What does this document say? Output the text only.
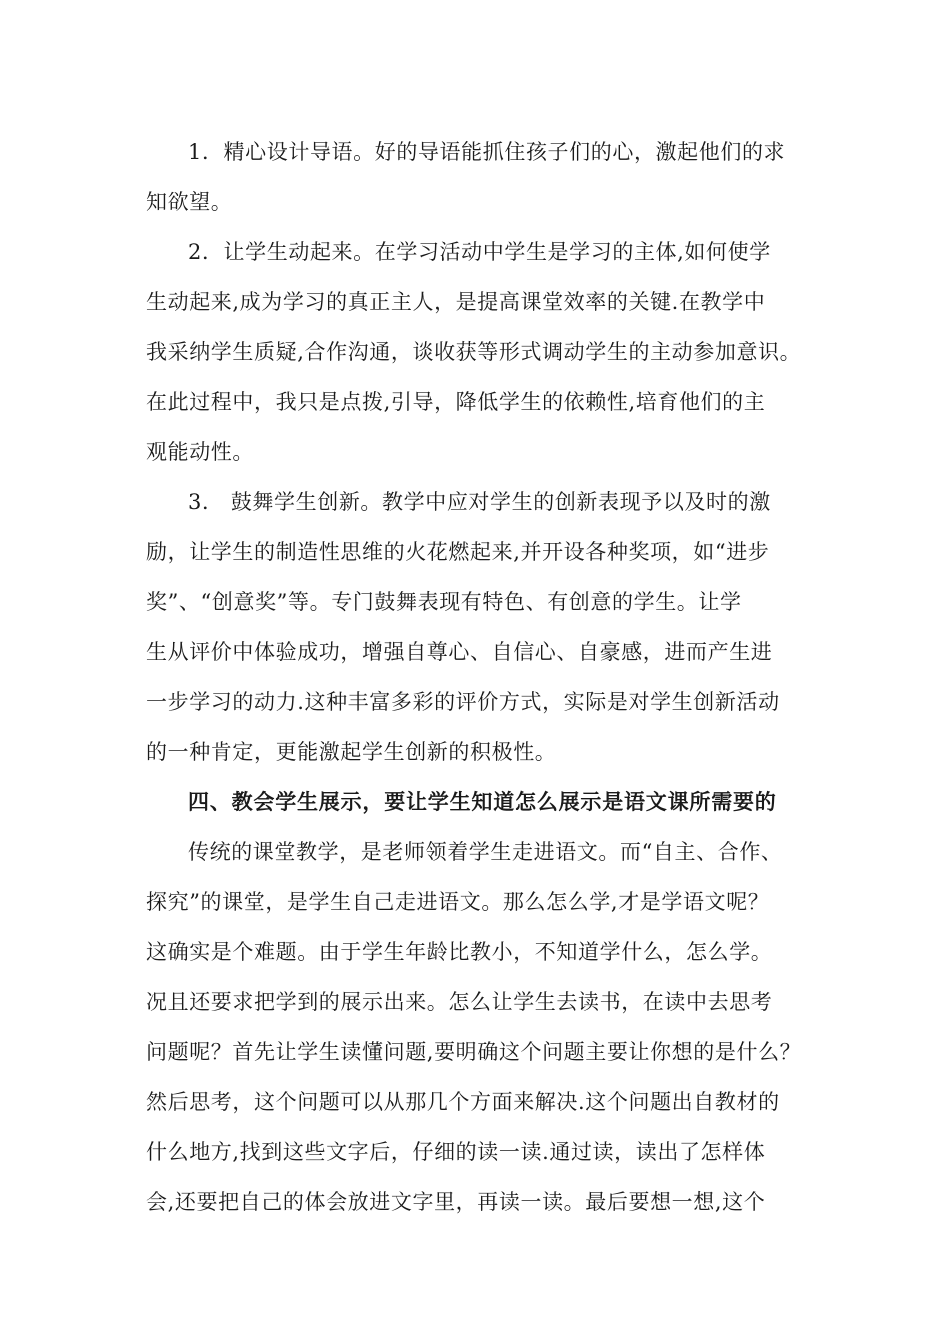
1．精心设计导语。好的导语能抓住孩子们的心，激起他们的求
知欲望。
2．让学生动起来。在学习活动中学生是学习的主体,如何使学
生动起来,成为学习的真正主人，是提高课堂效率的关键.在教学中
我采纳学生质疑,合作沟通，谈收获等形式调动学生的主动参加意识。
在此过程中，我只是点拨,引导，降低学生的依赖性,培育他们的主
观能动性。
3． 鼓舞学生创新。教学中应对学生的创新表现予以及时的激
励，让学生的制造性思维的火花燃起来,并开设各种奖项，如“进步
奖”、“创意奖”等。专门鼓舞表现有特色、有创意的学生。让学
生从评价中体验成功，增强自尊心、自信心、自豪感，进而产生进
一步学习的动力.这种丰富多彩的评价方式，实际是对学生创新活动
的一种肯定，更能激起学生创新的积极性。
四、教会学生展示，要让学生知道怎么展示是语文课所需要的
传统的课堂教学，是老师领着学生走进语文。而“自主、合作、
探究”的课堂，是学生自己走进语文。那么怎么学,才是学语文呢？
这确实是个难题。由于学生年龄比教小，不知道学什么，怎么学。
况且还要求把学到的展示出来。怎么让学生去读书，在读中去思考
问题呢？首先让学生读懂问题,要明确这个问题主要让你想的是什么？
然后思考，这个问题可以从那几个方面来解决.这个问题出自教材的
什么地方,找到这些文字后，仔细的读一读.通过读，读出了怎样体
会,还要把自己的体会放进文字里，再读一读。最后要想一想,这个
